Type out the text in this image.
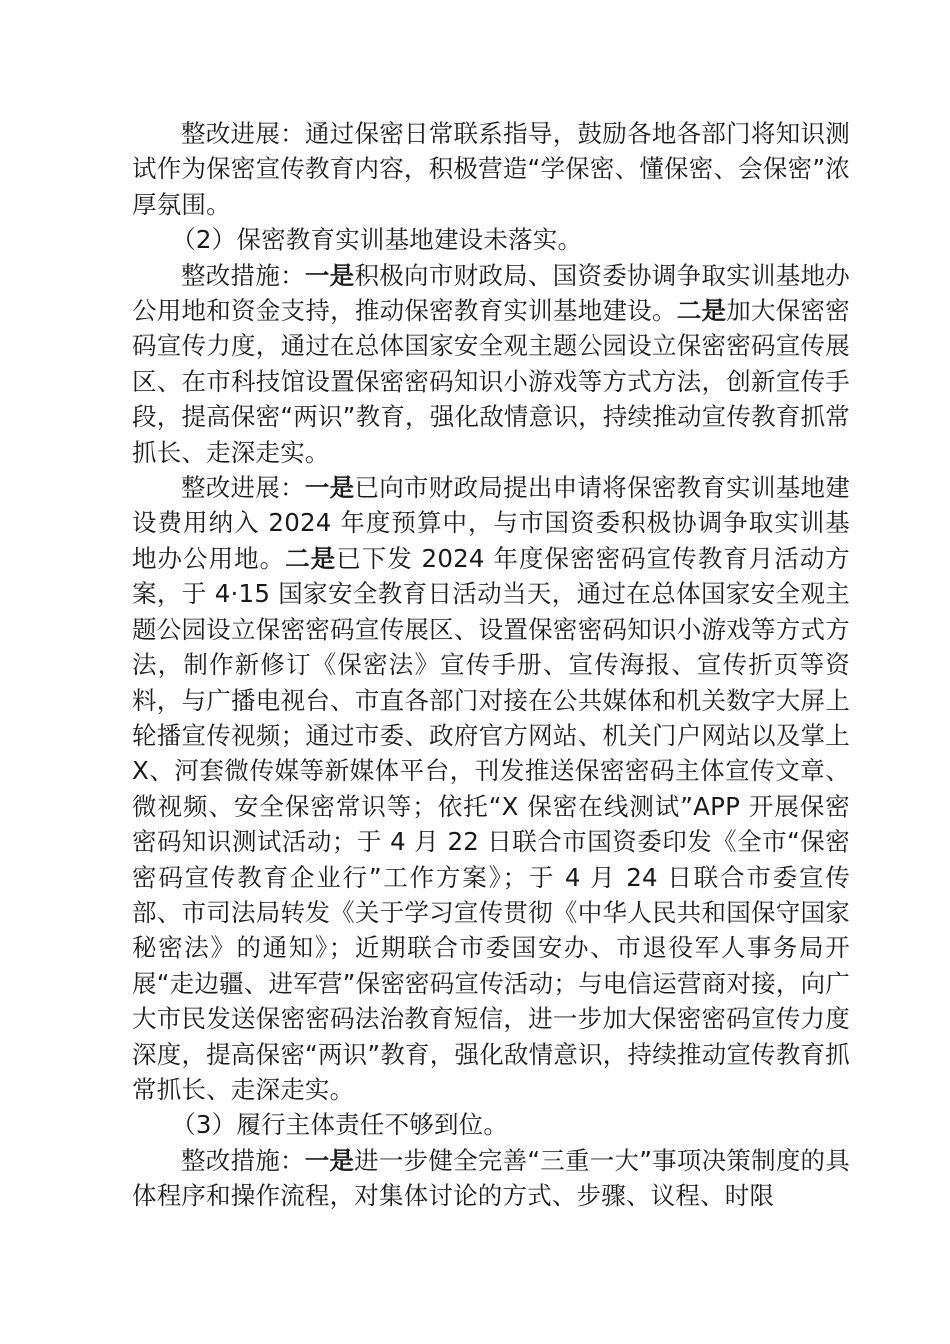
整改进展：通过保密日常联系指导，鼓励各地各部门将知识测试作为保密宣传教育内容，积极营造“学保密、懂保密、会保密”浓厚氛围。

（2）保密教育实训基地建设未落实。

整改措施：一是积极向市财政局、国资委协调争取实训基地办公用地和资金支持，推动保密教育实训基地建设。二是加大保密密码宣传力度，通过在总体国家安全观主题公园设立保密密码宣传展区、在市科技馆设置保密密码知识小游戏等方式方法，创新宣传手段，提高保密“两识”教育，强化敌情意识，持续推动宣传教育抓常抓长、走深走实。

整改进展：一是已向市财政局提出申请将保密教育实训基地建设费用纳入 2024 年度预算中，与市国资委积极协调争取实训基地办公用地。二是已下发 2024 年度保密密码宣传教育月活动方案，于 4·15 国家安全教育日活动当天，通过在总体国家安全观主题公园设立保密密码宣传展区、设置保密密码知识小游戏等方式方法，制作新修订《保密法》宣传手册、宣传海报、宣传折页等资料，与广播电视台、市直各部门对接在公共媒体和机关数字大屏上轮播宣传视频；通过市委、政府官方网站、机关门户网站以及掌上 X、河套微传媒等新媒体平台，刊发推送保密密码主体宣传文章、微视频、安全保密常识等；依托“X 保密在线测试”APP 开展保密密码知识测试活动；于 4 月 22 日联合市国资委印发《全市“保密密码宣传教育企业行”工作方案》；于 4 月 24 日联合市委宣传部、市司法局转发《关于学习宣传贯彻《中华人民共和国保守国家秘密法》的通知》；近期联合市委国安办、市退役军人事务局开展“走边疆、进军营”保密密码宣传活动；与电信运营商对接，向广大市民发送保密密码法治教育短信，进一步加大保密密码宣传力度深度，提高保密“两识”教育，强化敌情意识，持续推动宣传教育抓常抓长、走深走实。

（3）履行主体责任不够到位。

整改措施：一是进一步健全完善“三重一大”事项决策制度的具体程序和操作流程，对集体讨论的方式、步骤、议程、时限
